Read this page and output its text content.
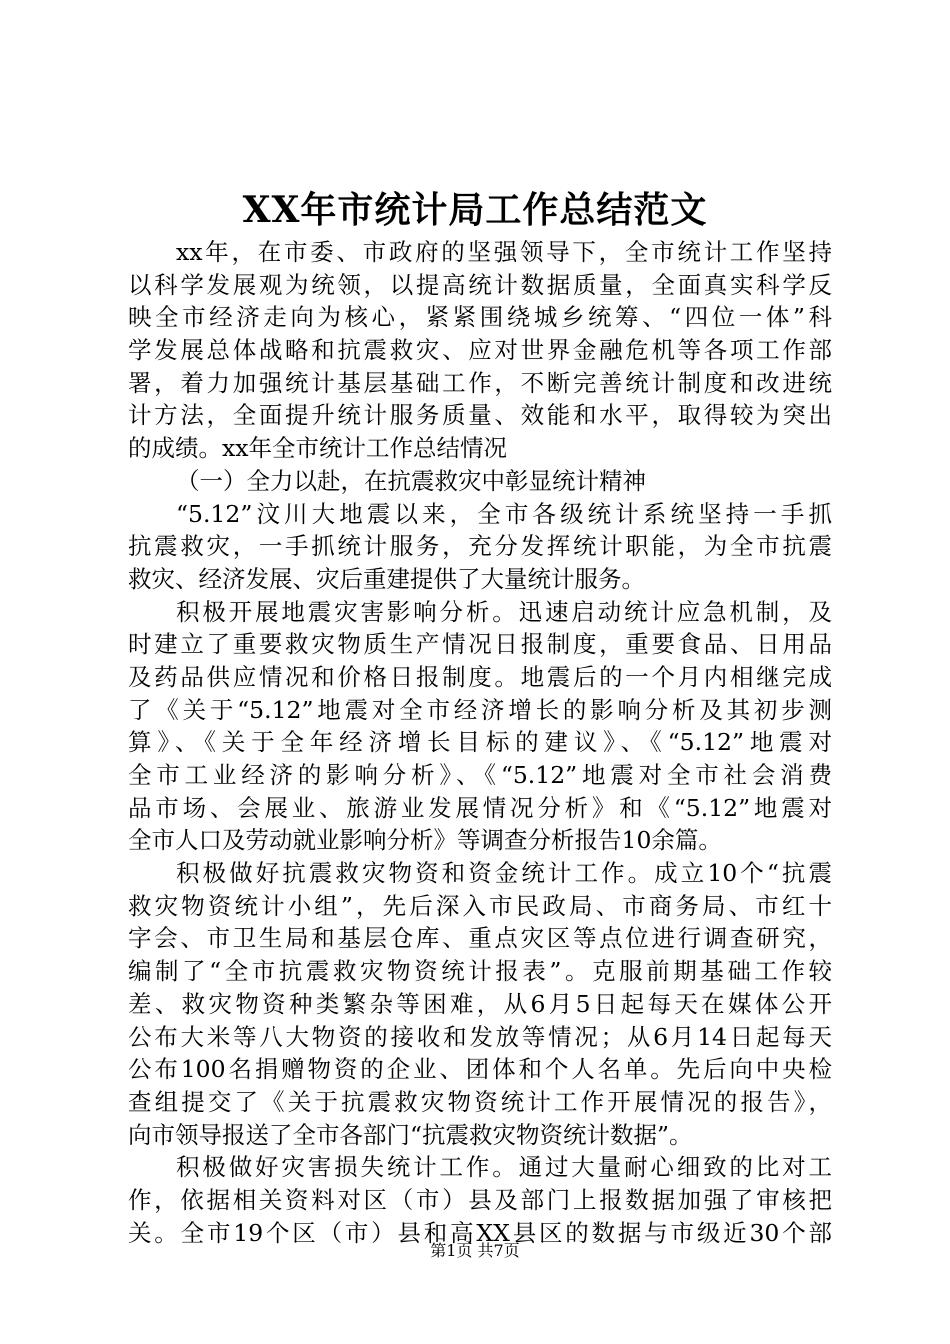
XX年市统计局工作总结范文
xx年，在市委、市政府的坚强领导下，全市统计工作坚持
以科学发展观为统领，以提高统计数据质量，全面真实科学反
映全市经济走向为核心，紧紧围绕城乡统筹、“四位一体”科
学发展总体战略和抗震救灾、应对世界金融危机等各项工作部
署，着力加强统计基层基础工作，不断完善统计制度和改进统
计方法，全面提升统计服务质量、效能和水平，取得较为突出
的成绩。xx年全市统计工作总结情况
（一）全力以赴，在抗震救灾中彰显统计精神
“5.12”汶川大地震以来，全市各级统计系统坚持一手抓
抗震救灾，一手抓统计服务，充分发挥统计职能，为全市抗震
救灾、经济发展、灾后重建提供了大量统计服务。
积极开展地震灾害影响分析。迅速启动统计应急机制，及
时建立了重要救灾物质生产情况日报制度，重要食品、日用品
及药品供应情况和价格日报制度。地震后的一个月内相继完成
了《关于“5.12”地震对全市经济增长的影响分析及其初步测
算》、《关于全年经济增长目标的建议》、《“5.12”地震对
全市工业经济的影响分析》、《“5.12”地震对全市社会消费
品市场、会展业、旅游业发展情况分析》和《“5.12”地震对
全市人口及劳动就业影响分析》等调查分析报告10余篇。
积极做好抗震救灾物资和资金统计工作。成立10个“抗震
救灾物资统计小组”，先后深入市民政局、市商务局、市红十
字会、市卫生局和基层仓库、重点灾区等点位进行调查研究，
编制了“全市抗震救灾物资统计报表”。克服前期基础工作较
差、救灾物资种类繁杂等困难，从6月5日起每天在媒体公开
公布大米等八大物资的接收和发放等情况；从6月14日起每天
公布100名捐赠物资的企业、团体和个人名单。先后向中央检
查组提交了《关于抗震救灾物资统计工作开展情况的报告》，
向市领导报送了全市各部门“抗震救灾物资统计数据”。
积极做好灾害损失统计工作。通过大量耐心细致的比对工
作，依据相关资料对区（市）县及部门上报数据加强了审核把
关。全市19个区（市）县和高XX县区的数据与市级近30个部
第1页 共7页
